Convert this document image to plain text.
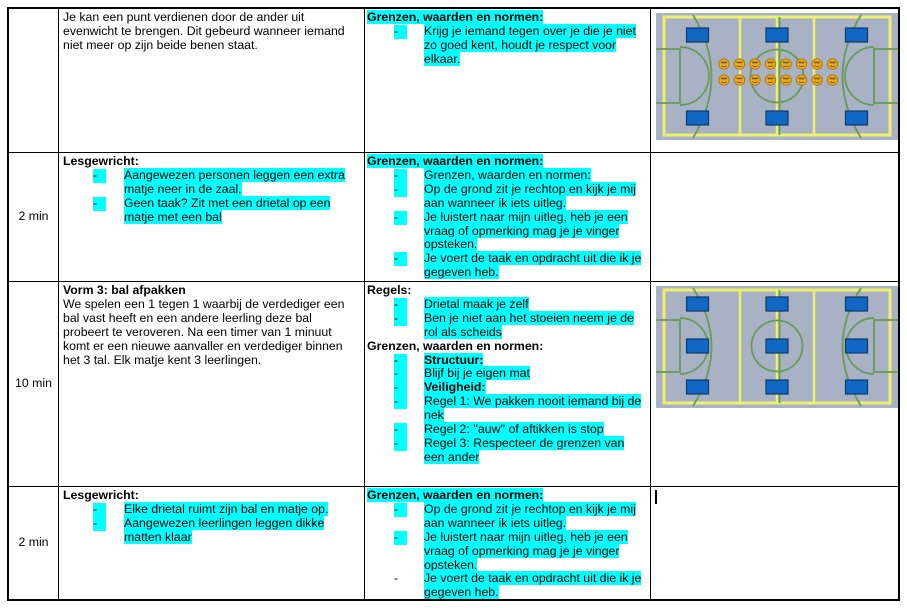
Je kan een punt verdienen door de ander uit evenwicht te brengen. Dit gebeurd wanneer iemand niet meer op zijn beide benen staat.

Grenzen, waarden en normen:
-
Krijg je iemand tegen over je die je niet zo goed kent, houdt je respect voor elkaar.
2 min
Lesgewricht:
-
Aangewezen personen leggen een extra matje neer in de zaal.
-
Geen taak? Zit met een drietal op een matje met een bal
Grenzen, waarden en normen:
-
Grenzen, waarden en normen:
-
Op de grond zit je rechtop en kijk je mij aan wanneer ik iets uitleg.
-
Je luistert naar mijn uitleg, heb je een vraag of opmerking mag je je vinger opsteken.
-
Je voert de taak en opdracht uit die ik je gegeven heb.
10 min
Vorm 3: bal afpakken

We spelen een 1 tegen 1 waarbij de verdediger een bal vast heeft en een andere leerling deze bal probeert te veroveren. Na een timer van 1 minuut komt er een nieuwe aanvaller en verdediger binnen het 3 tal. Elk matje kent 3 leerlingen.

Regels:
-
Drietal maak je zelf
-
Ben je niet aan het stoeien neem je de rol als scheids
Grenzen, waarden en normen:
-
Structuur:
-
Blijf bij je eigen mat
-
Veiligheid:
-
Regel 1: We pakken nooit iemand bij de nek
-
Regel 2: ''auw'' of aftikken is stop
-
Regel 3: Respecteer de grenzen van een ander
2 min
Lesgewricht:
-
Elke drietal ruimt zijn bal en matje op.
-
Aangewezen leerlingen leggen dikke matten klaar
Grenzen, waarden en normen:
-
Op de grond zit je rechtop en kijk je mij aan wanneer ik iets uitleg.
-
Je luistert naar mijn uitleg, heb je een vraag of opmerking mag je je vinger opsteken.
-
Je voert de taak en opdracht uit die ik je gegeven heb.
